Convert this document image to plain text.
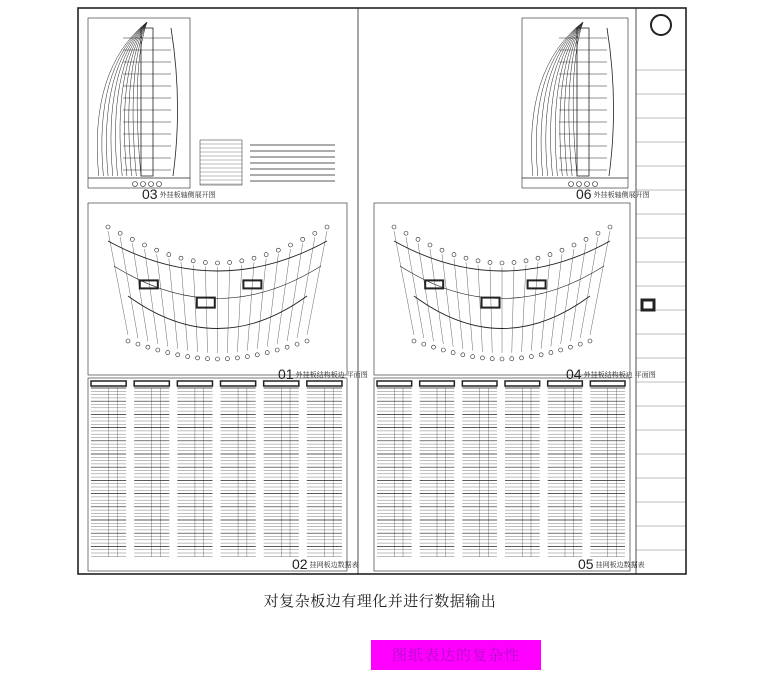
03 外挂板轴侧展开图
01 外挂板结构板边 平面图
02 挂网板边数据表
06 外挂板轴侧展开图
04 外挂板结构板边 平面图
05 挂网板边数据表
对复杂板边有理化并进行数据输出
图纸表达的复杂性
